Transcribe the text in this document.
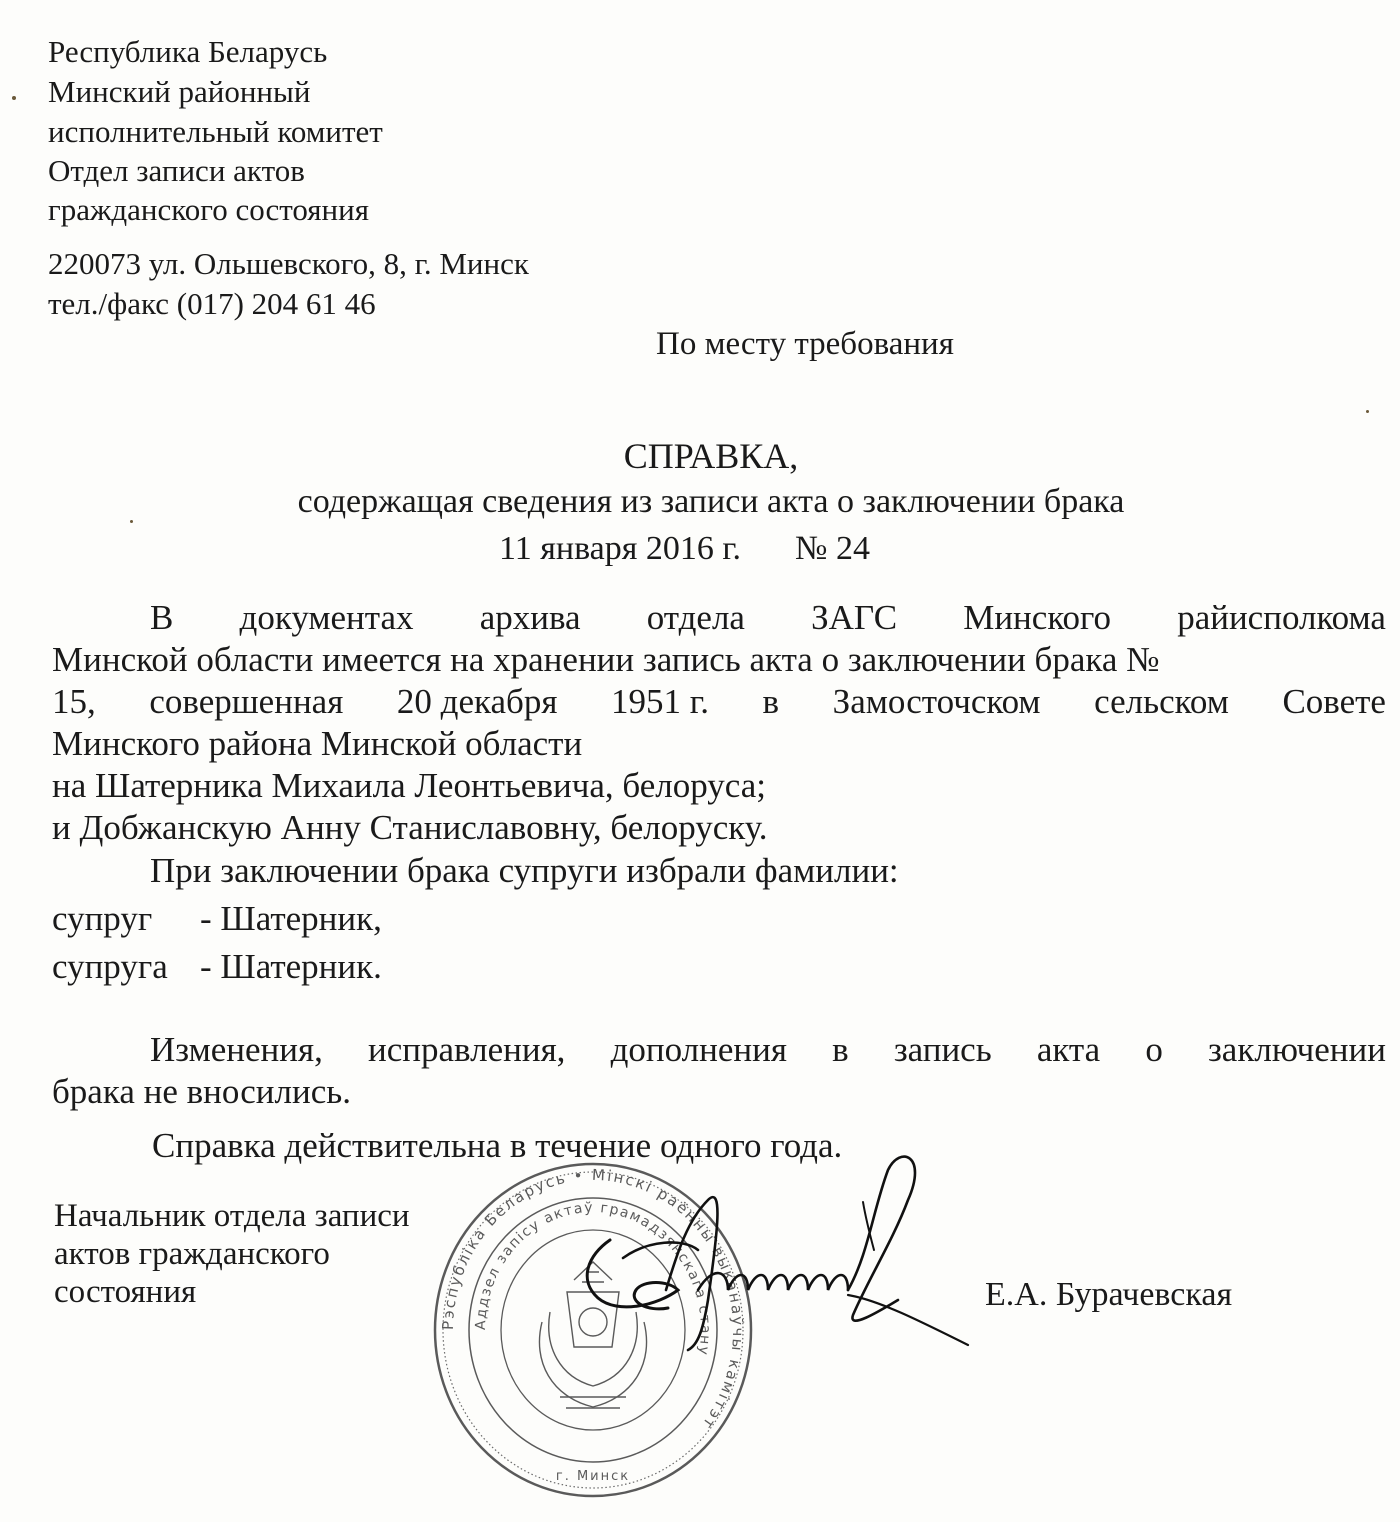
Республика Беларусь
Минский районный
исполнительный комитет
Отдел записи актов
гражданского состояния
220073 ул. Ольшевского, 8, г. Минск
тел./факс (017) 204 61 46
По месту требования
СПРАВКА,
содержащая сведения из записи акта о заключении брака
11 января 2016 г. № 24
В документах архива отдела ЗАГС Минского райисполкома
Минской области имеется на хранении запись акта о заключении брака №
15, совершенная 20 декабря 1951 г. в Замосточском сельском Совете
Минского района Минской области
на Шатерника Михаила Леонтьевича, белоруса;
и Добжанскую Анну Станиславовну, белоруску.
При заключении брака супруги избрали фамилии:
супруг - Шатерник,
супруга - Шатерник.
Изменения, исправления, дополнения в запись акта о заключении
брака не вносились.
Справка действительна в течение одного года.
Начальник отдела записи
актов гражданского
состояния	Е.А. Бурачевская
Рэспубліка Беларусь • Мінскі раённы выканаўчы камітэт
Аддзел запісу актаў грамадзянскага стану
г. Минск
